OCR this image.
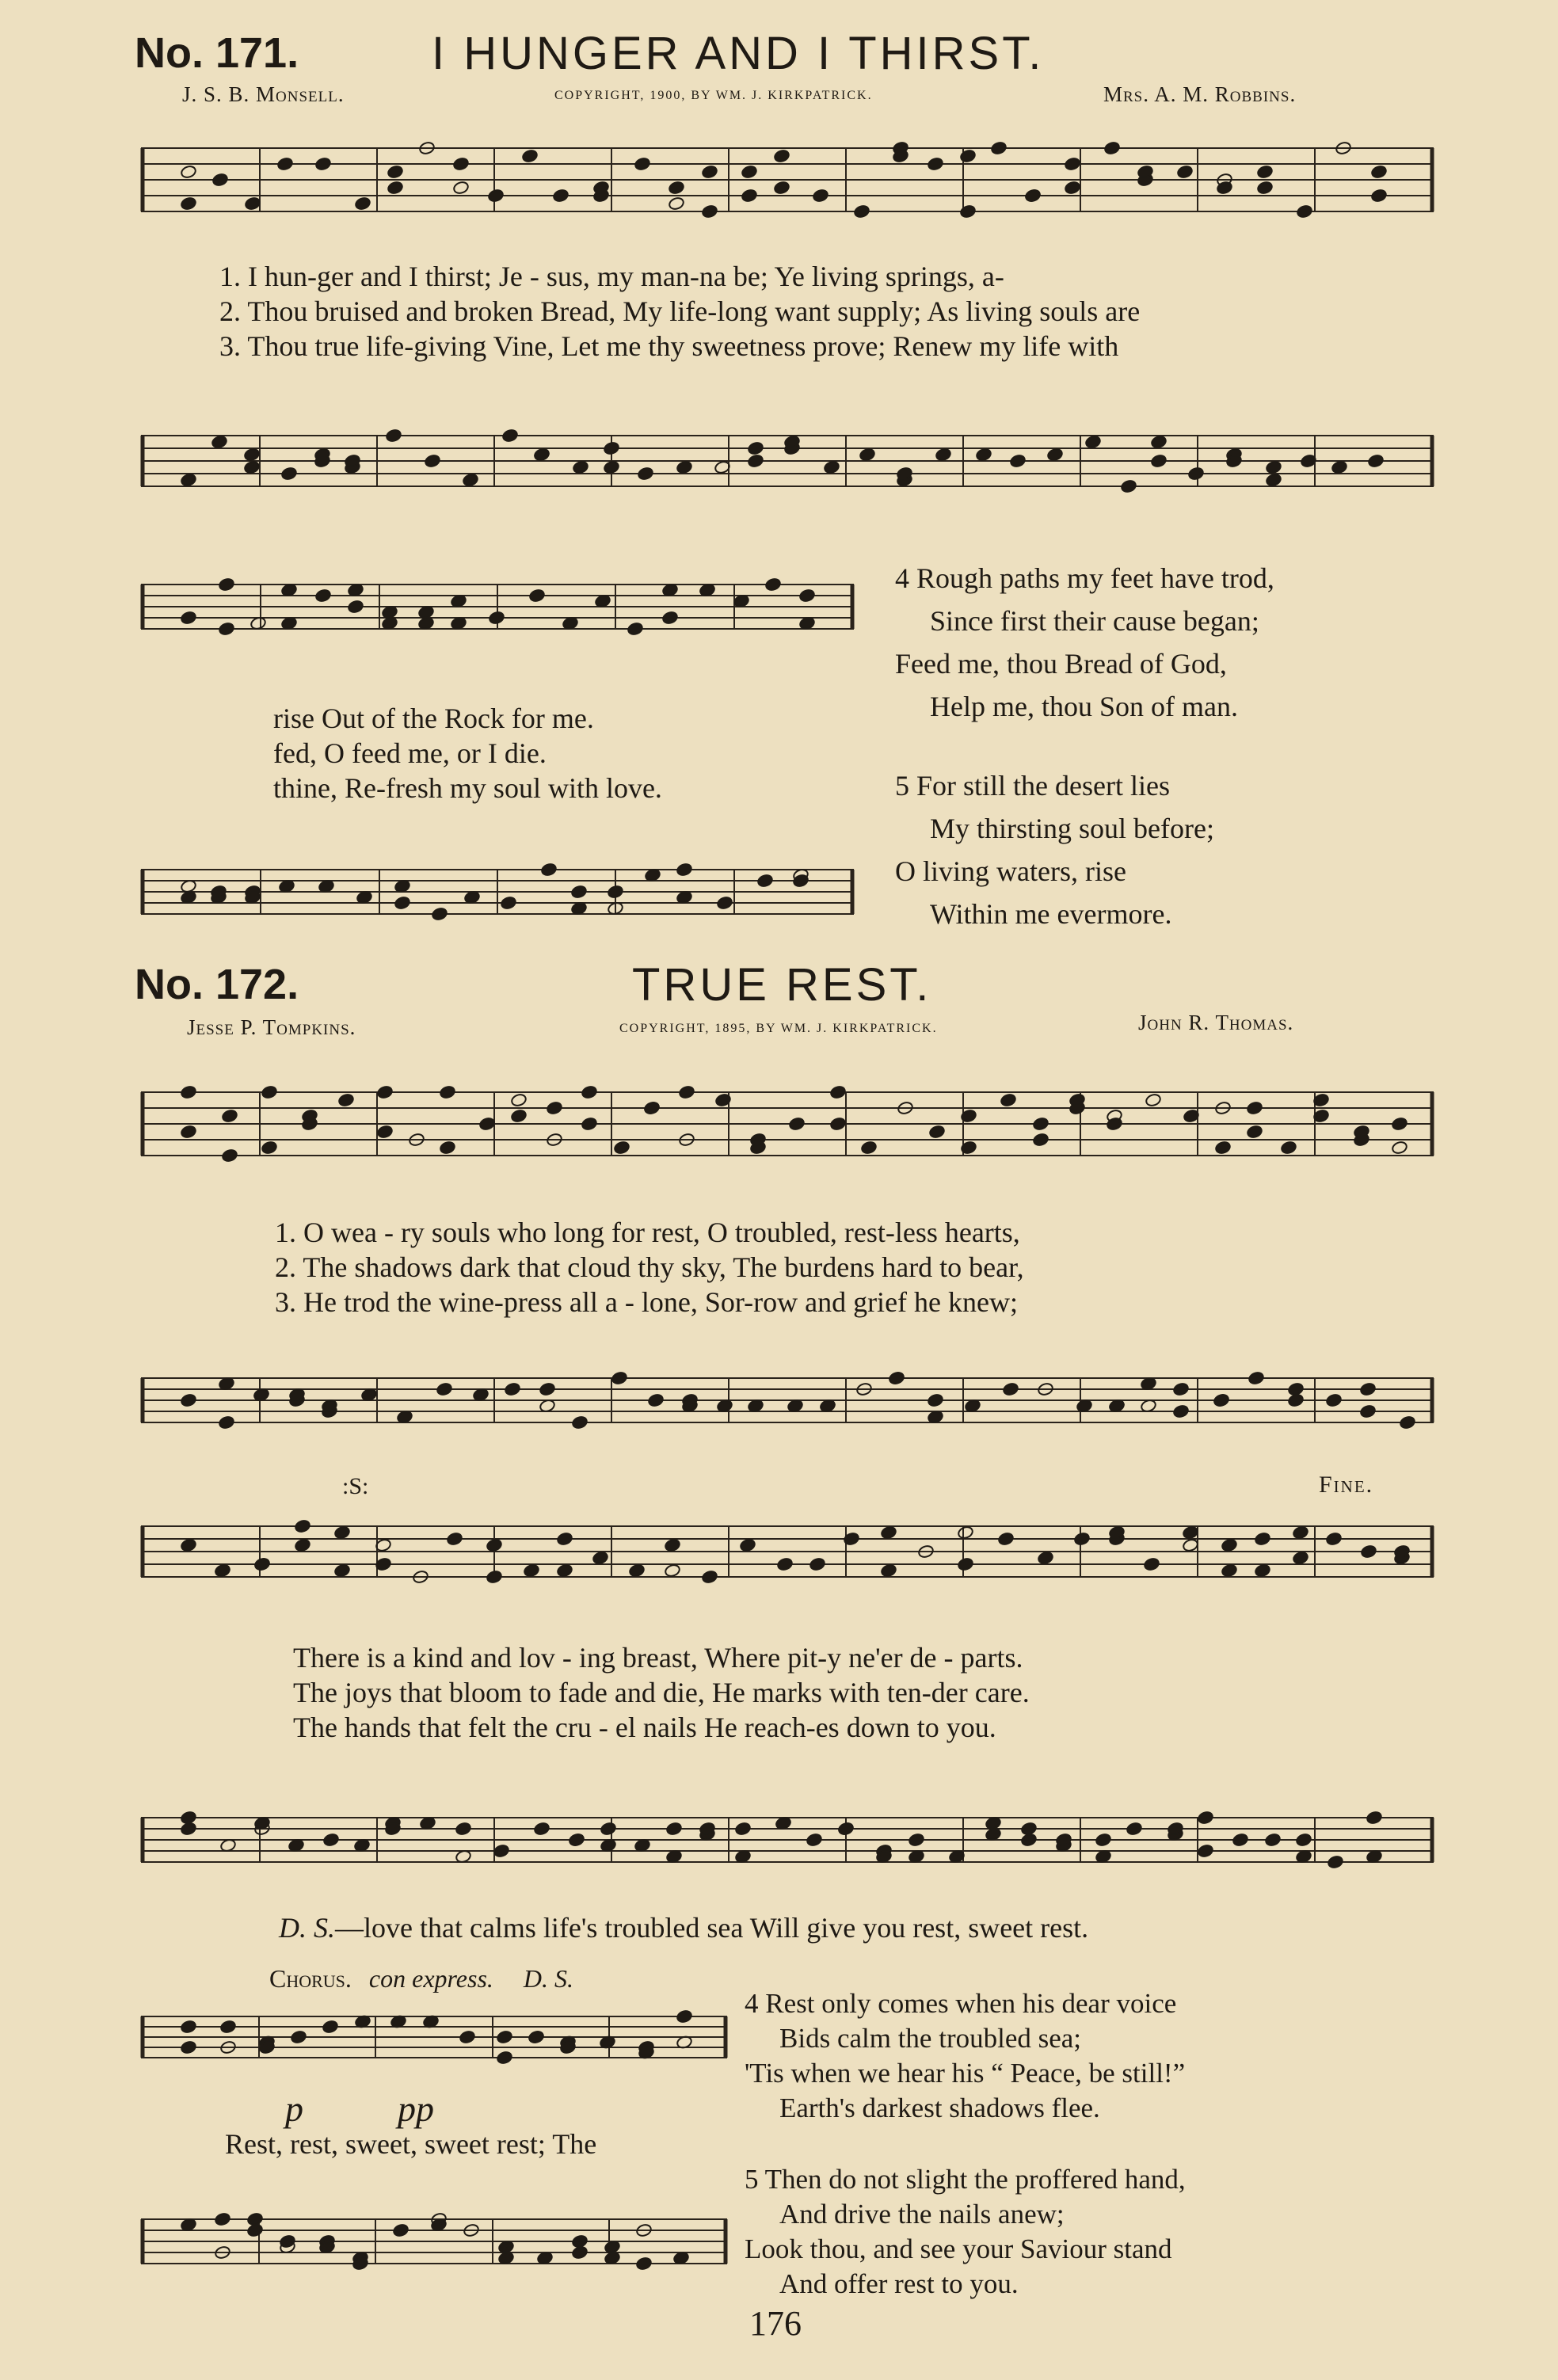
No. 171.	I HUNGER AND I THIRST.
J. S. B. Monsell.	COPYRIGHT, 1900, BY WM. J. KIRKPATRICK.	Mrs. A. M. Robbins.
1. I hun-ger and I thirst; Je - sus, my man-na be; Ye living springs, a-
2. Thou bruised and broken Bread, My life-long want supply; As living souls are
3. Thou true life-giving Vine, Let me thy sweetness prove; Renew my life with
rise Out of the Rock for me.
fed, O feed me, or I die.
thine, Re-fresh my soul with love.
4 Rough paths my feet have trod,
Since first their cause began;
Feed me, thou Bread of God,
Help me, thou Son of man.
5 For still the desert lies
My thirsting soul before;
O living waters, rise
Within me evermore.
No. 172.	TRUE REST.
Jesse P. Tompkins.	COPYRIGHT, 1895, BY WM. J. KIRKPATRICK.	John R. Thomas.
1. O wea - ry souls who long for rest, O troubled, rest-less hearts,
2. The shadows dark that cloud thy sky, The burdens hard to bear,
3. He trod the wine-press all a - lone, Sor-row and grief he knew;
Fine.
:S:
There is a kind and lov - ing breast, Where pit-y ne'er de - parts.
The joys that bloom to fade and die, He marks with ten-der care.
The hands that felt the cru - el nails He reach-es down to you.
D. S.—love that calms life's troubled sea Will give you rest, sweet rest.
Chorus. con express. D. S.
p	pp
Rest, rest, sweet, sweet rest; The
4 Rest only comes when his dear voice
Bids calm the troubled sea;
'Tis when we hear his “ Peace, be still!”
Earth's darkest shadows flee.
5 Then do not slight the proffered hand,
And drive the nails anew;
Look thou, and see your Saviour stand
And offer rest to you.
176
